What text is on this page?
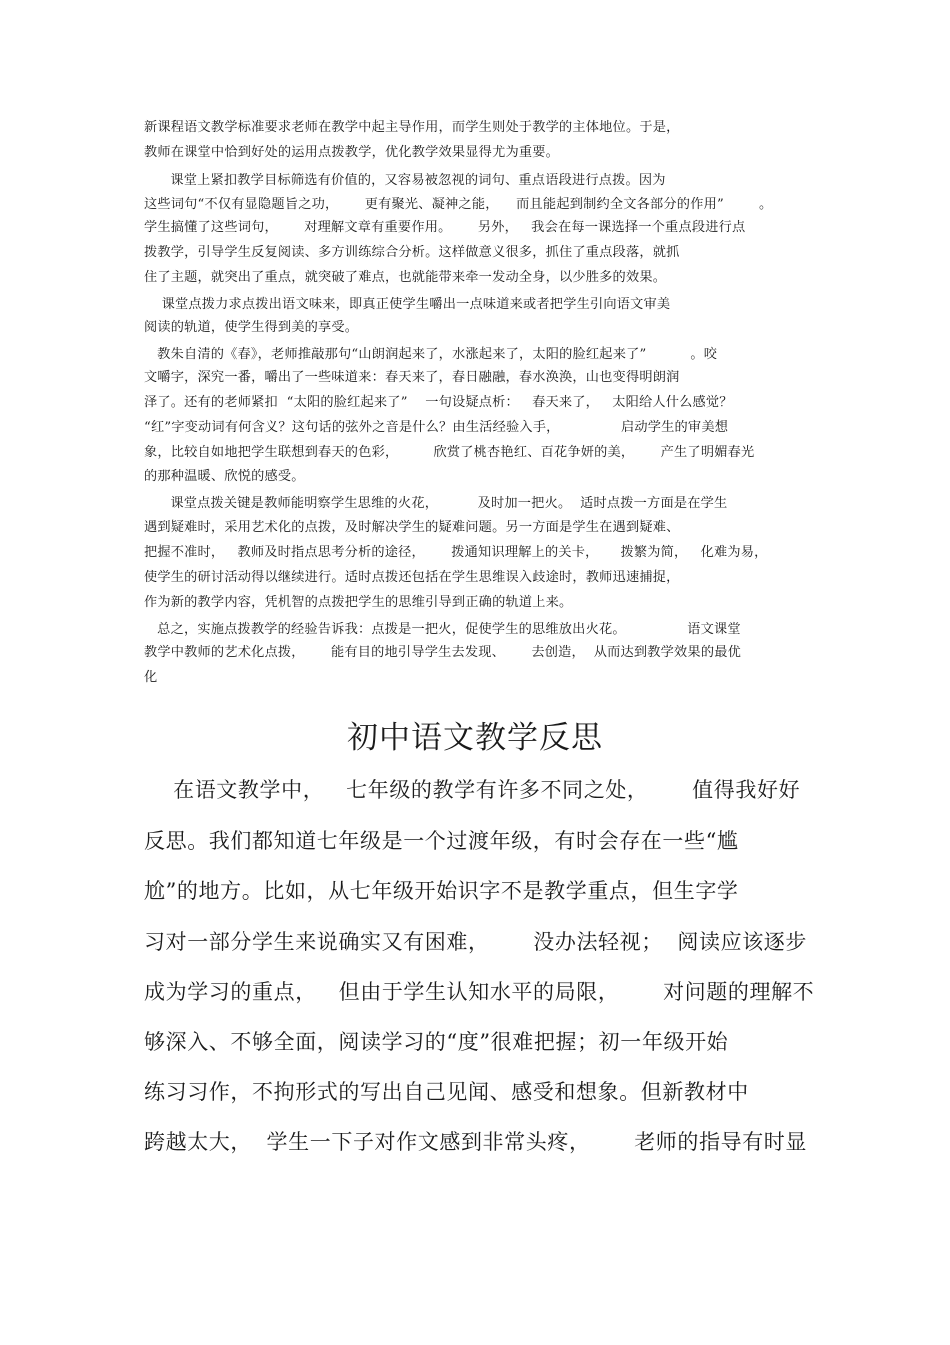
新课程语文教学标准要求老师在教学中起主导作用，而学生则处于教学的主体地位。于是，
教师在课堂中恰到好处的运用点拨教学，优化教学效果显得尤为重要。
课堂上紧扣教学目标筛选有价值的，又容易被忽视的词句、重点语段进行点拨。因为
这些词句“不仅有显隐题旨之功，      更有聚光、凝神之能，    而且能起到制约全文各部分的作用”        。
学生搞懂了这些词句，      对理解文章有重要作用。      另外，   我会在每一课选择一个重点段进行点
拨教学，引导学生反复阅读、多方训练综合分析。这样做意义很多，抓住了重点段落，就抓
住了主题，就突出了重点，就突破了难点，也就能带来牵一发动全身，以少胜多的效果。
课堂点拨力求点拨出语文味来，即真正使学生嚼出一点味道来或者把学生引向语文审美
阅读的轨道，使学生得到美的享受。
教朱自清的《春》，老师推敲那句“山朗润起来了，水涨起来了，太阳的脸红起来了”          。咬
文嚼字，深究一番，嚼出了一些味道来：春天来了，春日融融，春水涣涣，山也变得明朗润
泽了。还有的老师紧扣  “太阳的脸红起来了”    一句设疑点析：   春天来了，   太阳给人什么感觉？
“红”字变动词有何含义？这句话的弦外之音是什么？由生活经验入手，              启动学生的审美想
象，比较自如地把学生联想到春天的色彩，        欣赏了桃杏艳红、百花争妍的美，      产生了明媚春光
的那种温暖、欣悦的感受。
课堂点拨关键是教师能明察学生思维的火花，         及时加一把火。  适时点拨一方面是在学生
遇到疑难时，采用艺术化的点拨，及时解决学生的疑难问题。另一方面是学生在遇到疑难、
把握不准时，   教师及时指点思考分析的途径，      拨通知识理解上的关卡，     拨繁为简，   化难为易，
使学生的研讨活动得以继续进行。适时点拨还包括在学生思维误入歧途时，教师迅速捕捉，
作为新的教学内容，凭机智的点拨把学生的思维引导到正确的轨道上来。
总之，实施点拨教学的经验告诉我：点拨是一把火，促使学生的思维放出火花。              语文课堂
教学中教师的艺术化点拨，      能有目的地引导学生去发现、      去创造，  从而达到教学效果的最优
化
初中语文教学反思
在语文教学中，   七年级的教学有许多不同之处，      值得我好好
反思。我们都知道七年级是一个过渡年级，有时会存在一些“尴
尬”的地方。比如，从七年级开始识字不是教学重点，但生字学
习对一部分学生来说确实又有困难，      没办法轻视；  阅读应该逐步
成为学习的重点，   但由于学生认知水平的局限，      对问题的理解不
够深入、不够全面，阅读学习的“度”很难把握；初一年级开始
练习习作，不拘形式的写出自己见闻、感受和想象。但新教材中
跨越太大，  学生一下子对作文感到非常头疼，      老师的指导有时显
